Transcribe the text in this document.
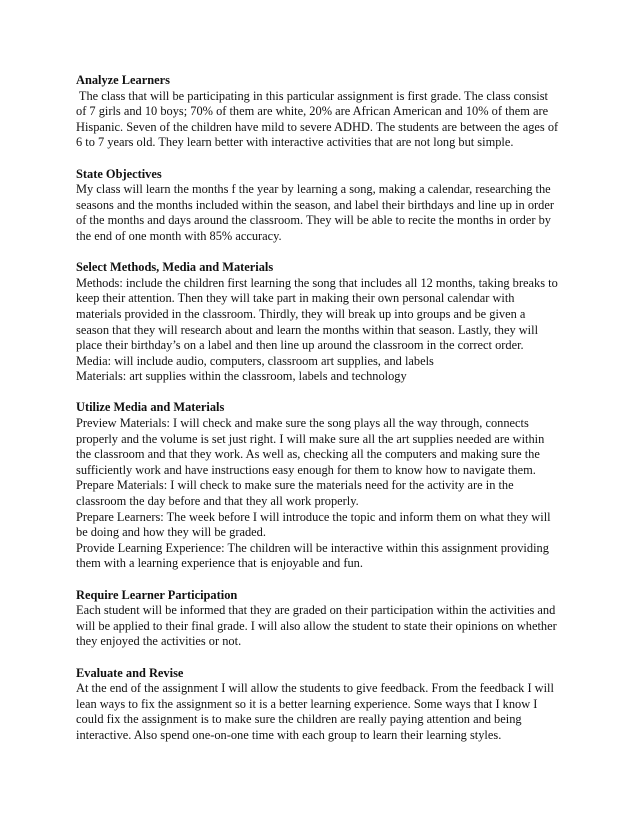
Analyze Learners
The class that will be participating in this particular assignment is first grade. The class consist
of 7 girls and 10 boys; 70% of them are white, 20% are African American and 10% of them are
Hispanic. Seven of the children have mild to severe ADHD. The students are between the ages of
6 to 7 years old. They learn better with interactive activities that are not long but simple.
State Objectives
My class will learn the months f the year by learning a song, making a calendar, researching the
seasons and the months included within the season, and label their birthdays and line up in order
of the months and days around the classroom. They will be able to recite the months in order by
the end of one month with 85% accuracy.
Select Methods, Media and Materials
Methods: include the children first learning the song that includes all 12 months, taking breaks to
keep their attention. Then they will take part in making their own personal calendar with
materials provided in the classroom. Thirdly, they will break up into groups and be given a
season that they will research about and learn the months within that season. Lastly, they will
place their birthday’s on a label and then line up around the classroom in the correct order.
Media: will include audio, computers, classroom art supplies, and labels
Materials: art supplies within the classroom, labels and technology
Utilize Media and Materials
Preview Materials: I will check and make sure the song plays all the way through, connects
properly and the volume is set just right. I will make sure all the art supplies needed are within
the classroom and that they work. As well as, checking all the computers and making sure the
sufficiently work and have instructions easy enough for them to know how to navigate them.
Prepare Materials: I will check to make sure the materials need for the activity are in the
classroom the day before and that they all work properly.
Prepare Learners: The week before I will introduce the topic and inform them on what they will
be doing and how they will be graded.
Provide Learning Experience: The children will be interactive within this assignment providing
them with a learning experience that is enjoyable and fun.
Require Learner Participation
Each student will be informed that they are graded on their participation within the activities and
will be applied to their final grade. I will also allow the student to state their opinions on whether
they enjoyed the activities or not.
Evaluate and Revise
At the end of the assignment I will allow the students to give feedback. From the feedback I will
lean ways to fix the assignment so it is a better learning experience. Some ways that I know I
could fix the assignment is to make sure the children are really paying attention and being
interactive. Also spend one-on-one time with each group to learn their learning styles.
